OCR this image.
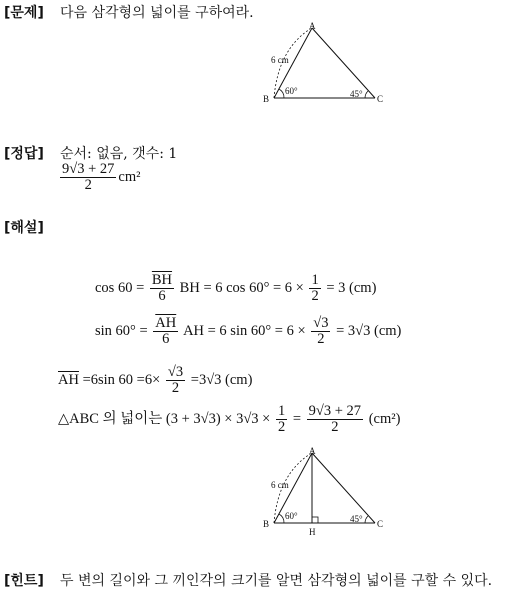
[문제] 다음 삼각형의 넓이를 구하여라.
A
B	C
6 cm
60°	45°
[정답] 순서: 없음, 갯수: 1
$\frac{9√3 + 27}{2} cm^2$
[해설]
$\cos 60 = \frac{\overline{BH}}{6}$ BH = 6 $\cos 60^\circ = 6 \times \frac{1}{2} = 3$ (cm)
$\sin 60^\circ = \frac{\overline{AH}}{6}$ AH = 6 $\sin 60^\circ = 6 \times \frac{√3}{2} = 3√3$ (cm)
$\overline{AH} =6\sin$ $60 =6\times \frac{√3}{2} =3√3$ (cm)
△ABC 의 넓이는 $(3 + 3√3) \times 3√3 \times \frac{1}{2} = \frac{9√3 + 27}{2} (cm^2)$
A
B	C
H
6 cm
60°	45°
[힌트] 두 변의 길이와 그 끼인각의 크기를 알면 삼각형의 넓이를 구할 수 있다.
